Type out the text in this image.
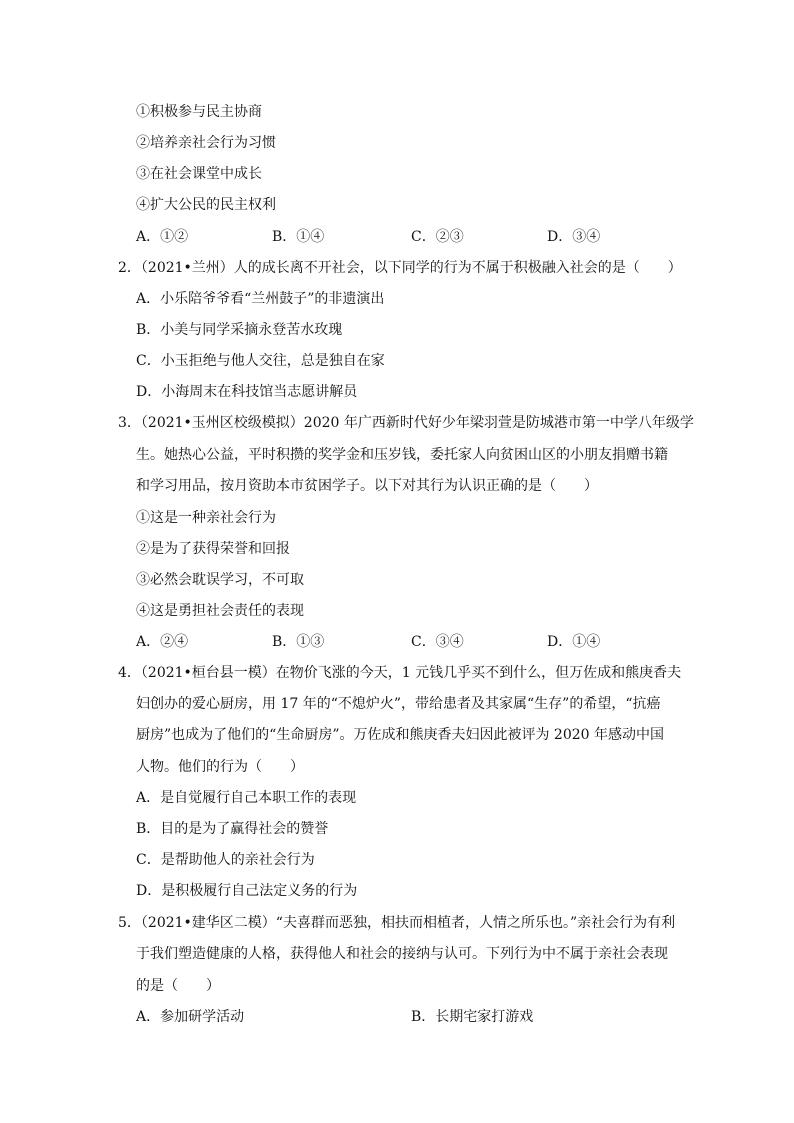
①积极参与民主协商
②培养亲社会行为习惯
③在社会课堂中成长
④扩大公民的民主权利
A．①②	B．①④	C．②③	D．③④
2．（2021•兰州）人的成长离不开社会，以下同学的行为不属于积极融入社会的是（　　）
A．小乐陪爷爷看“兰州鼓子”的非遗演出
B．小美与同学采摘永登苦水玫瑰
C．小玉拒绝与他人交往，总是独自在家
D．小海周末在科技馆当志愿讲解员
3．（2021•玉州区校级模拟）2020 年广西新时代好少年梁羽萱是防城港市第一中学八年级学
生。她热心公益，平时积攒的奖学金和压岁钱，委托家人向贫困山区的小朋友捐赠书籍
和学习用品，按月资助本市贫困学子。以下对其行为认识正确的是（　　）
①这是一种亲社会行为
②是为了获得荣誉和回报
③必然会耽误学习，不可取
④这是勇担社会责任的表现
A．②④	B．①③	C．③④	D．①④
4．（2021•桓台县一模）在物价飞涨的今天，1 元钱几乎买不到什么，但万佐成和熊庚香夫
妇创办的爱心厨房，用 17 年的“不熄炉火”，带给患者及其家属“生存”的希望，“抗癌
厨房”也成为了他们的“生命厨房”。万佐成和熊庚香夫妇因此被评为 2020 年感动中国
人物。他们的行为（　　）
A．是自觉履行自己本职工作的表现
B．目的是为了赢得社会的赞誉
C．是帮助他人的亲社会行为
D．是积极履行自己法定义务的行为
5．（2021•建华区二模）“夫喜群而恶独，相扶而相植者，人情之所乐也。”亲社会行为有利
于我们塑造健康的人格，获得他人和社会的接纳与认可。下列行为中不属于亲社会表现
的是（　　）
A．参加研学活动	B．长期宅家打游戏
